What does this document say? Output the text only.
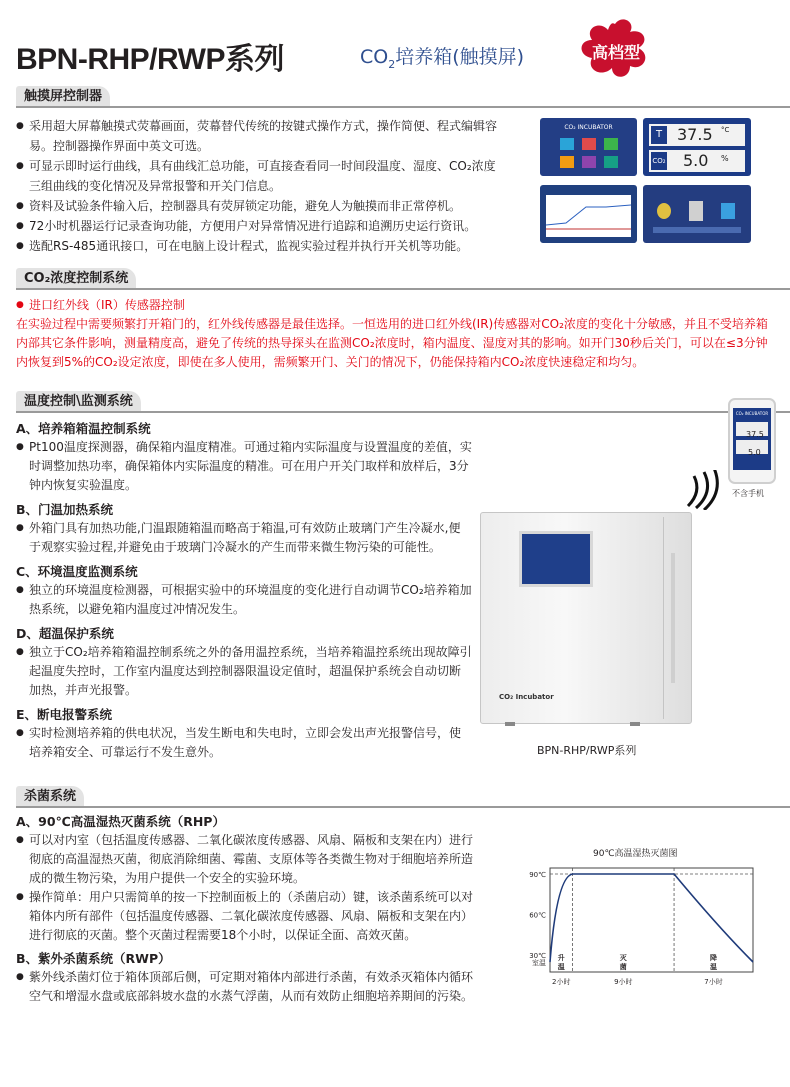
BPN-RHP/RWP系列	$CO_2$培养箱(触摸屏)	高档型
触摸屏控制器
● 采用超大屏幕触摸式荧幕画面，荧幕替代传统的按键式操作方式，操作简便、程式编辑容易。控制器操作界面中英文可选。
● 可显示即时运行曲线，具有曲线汇总功能，可直接查看同一时间段温度、湿度、CO₂浓度三组曲线的变化情况及异常报警和开关门信息。
● 资料及试验条件输入后，控制器具有荧屏锁定功能，避免人为触摸而非正常停机。
● 72小时机器运行记录查询功能，方便用户对异常情况进行追踪和追溯历史运行资讯。
● 选配RS-485通讯接口，可在电脑上设计程式，监视实验过程并执行开关机等功能。
CO₂ INCUBATOR
T 37.5 °C
CO₂ 5.0 %
CO₂浓度控制系统
● 进口红外线（IR）传感器控制
在实验过程中需要频繁打开箱门的，红外线传感器是最佳选择。一恒选用的进口红外线(IR)传感器对CO₂浓度的变化十分敏感，并且不受培养箱内部其它条件影响，测量精度高，避免了传统的热导探头在监测CO₂浓度时，箱内温度、湿度对其的影响。如开门30秒后关门，可以在≤3分钟内恢复到5%的CO₂设定浓度，即使在多人使用，需频繁开门、关门的情况下，仍能保持箱内CO₂浓度快速稳定和均匀。
温度控制\监测系统
A、培养箱箱温控制系统
● Pt100温度探测器，确保箱内温度精准。可通过箱内实际温度与设置温度的差值，实时调整加热功率，确保箱体内实际温度的精准。可在用户开关门取样和放样后，3分钟内恢复实验温度。
B、门温加热系统
● 外箱门具有加热功能,门温跟随箱温而略高于箱温,可有效防止玻璃门产生冷凝水,便于观察实验过程,并避免由于玻璃门冷凝水的产生而带来微生物污染的可能性。
C、环境温度监测系统
● 独立的环境温度检测器，可根据实验中的环境温度的变化进行自动调节CO₂培养箱加热系统，以避免箱内温度过冲情况发生。
D、超温保护系统
● 独立于CO₂培养箱箱温控制系统之外的备用温控系统，当培养箱温控系统出现故障引起温度失控时，工作室内温度达到控制器限温设定值时，超温保护系统会自动切断加热，并声光报警。
E、断电报警系统
● 实时检测培养箱的供电状况，当发生断电和失电时，立即会发出声光报警信号，使培养箱安全、可靠运行不发生意外。
CO₂ INCUBATOR
37.5
5.0
不含手机
CO₂ Incubator
BPN-RHP/RWP系列
杀菌系统
A、90℃高温湿热灭菌系统（RHP）
● 可以对内室（包括温度传感器、二氧化碳浓度传感器、风扇、隔板和支架在内）进行彻底的高温湿热灭菌，彻底消除细菌、霉菌、支原体等各类微生物对于细胞培养所造成的微生物污染，为用户提供一个安全的实验环境。
● 操作简单：用户只需简单的按一下控制面板上的（杀菌启动）键，该杀菌系统可以对箱体内所有部件（包括温度传感器、二氧化碳浓度传感器、风扇、隔板和支架在内）进行彻底的灭菌。整个灭菌过程需要18个小时，以保证全面、高效灭菌。
B、紫外杀菌系统（RWP）
● 紫外线杀菌灯位于箱体顶部后侧，可定期对箱体内部进行杀菌，有效杀灭箱体内循环空气和增湿水盘或底部斜坡水盘的水蒸气浮菌，从而有效防止细胞培养期间的污染。
90℃高温湿热灭菌图
90℃
60℃
30℃
室温
升
温
2小时
灭
菌
9小时
降
温
7小时
